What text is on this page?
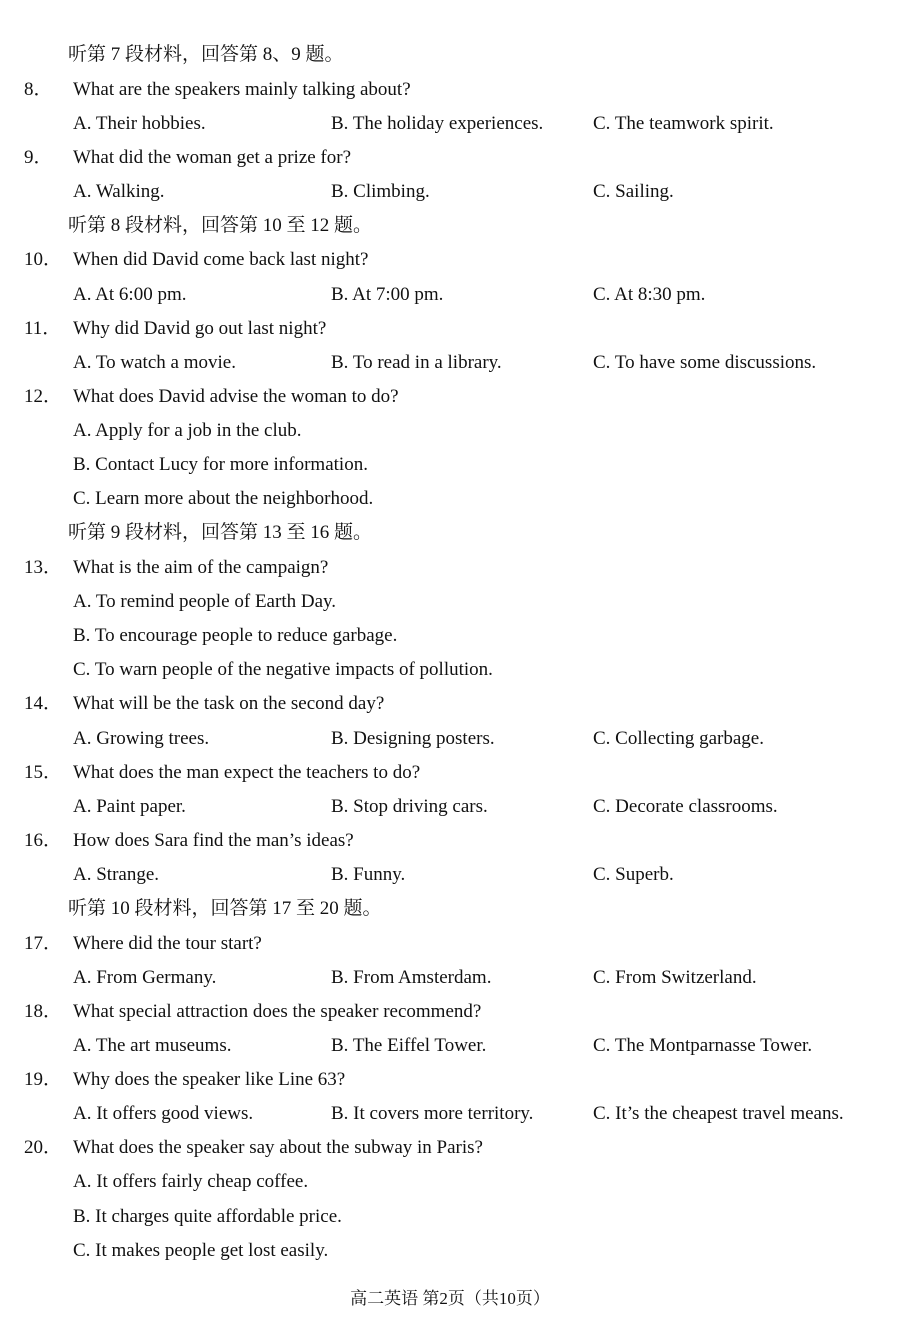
听第 7 段材料，回答第 8、9 题。
8．	What are the speakers mainly talking about?
A. Their hobbies.	B. The holiday experiences.	C. The teamwork spirit.
9．	What did the woman get a prize for?
A. Walking.	B. Climbing.	C. Sailing.
听第 8 段材料，回答第 10 至 12 题。
10． When did David come back last night?
A. At 6:00 pm.	B. At 7:00 pm.	C. At 8:30 pm.
11． Why did David go out last night?
A. To watch a movie.	B. To read in a library.	C. To have some discussions.
12． What does David advise the woman to do?
A. Apply for a job in the club.
B. Contact Lucy for more information.
C. Learn more about the neighborhood.
听第 9 段材料，回答第 13 至 16 题。
13． What is the aim of the campaign?
A. To remind people of Earth Day.
B. To encourage people to reduce garbage.
C. To warn people of the negative impacts of pollution.
14． What will be the task on the second day?
A. Growing trees.	B. Designing posters.	C. Collecting garbage.
15． What does the man expect the teachers to do?
A. Paint paper.	B. Stop driving cars.	C. Decorate classrooms.
16． How does Sara find the man’s ideas?
A. Strange.	B. Funny.	C. Superb.
听第 10 段材料，回答第 17 至 20 题。
17． Where did the tour start?
A. From Germany.	B. From Amsterdam.	C. From Switzerland.
18． What special attraction does the speaker recommend?
A. The art museums.	B. The Eiffel Tower.	C. The Montparnasse Tower.
19． Why does the speaker like Line 63?
A. It offers good views.	B. It covers more territory.	C. It’s the cheapest travel means.
20． What does the speaker say about the subway in Paris?
A. It offers fairly cheap coffee.
B. It charges quite affordable price.
C. It makes people get lost easily.
高二英语 第2页（共10页）
